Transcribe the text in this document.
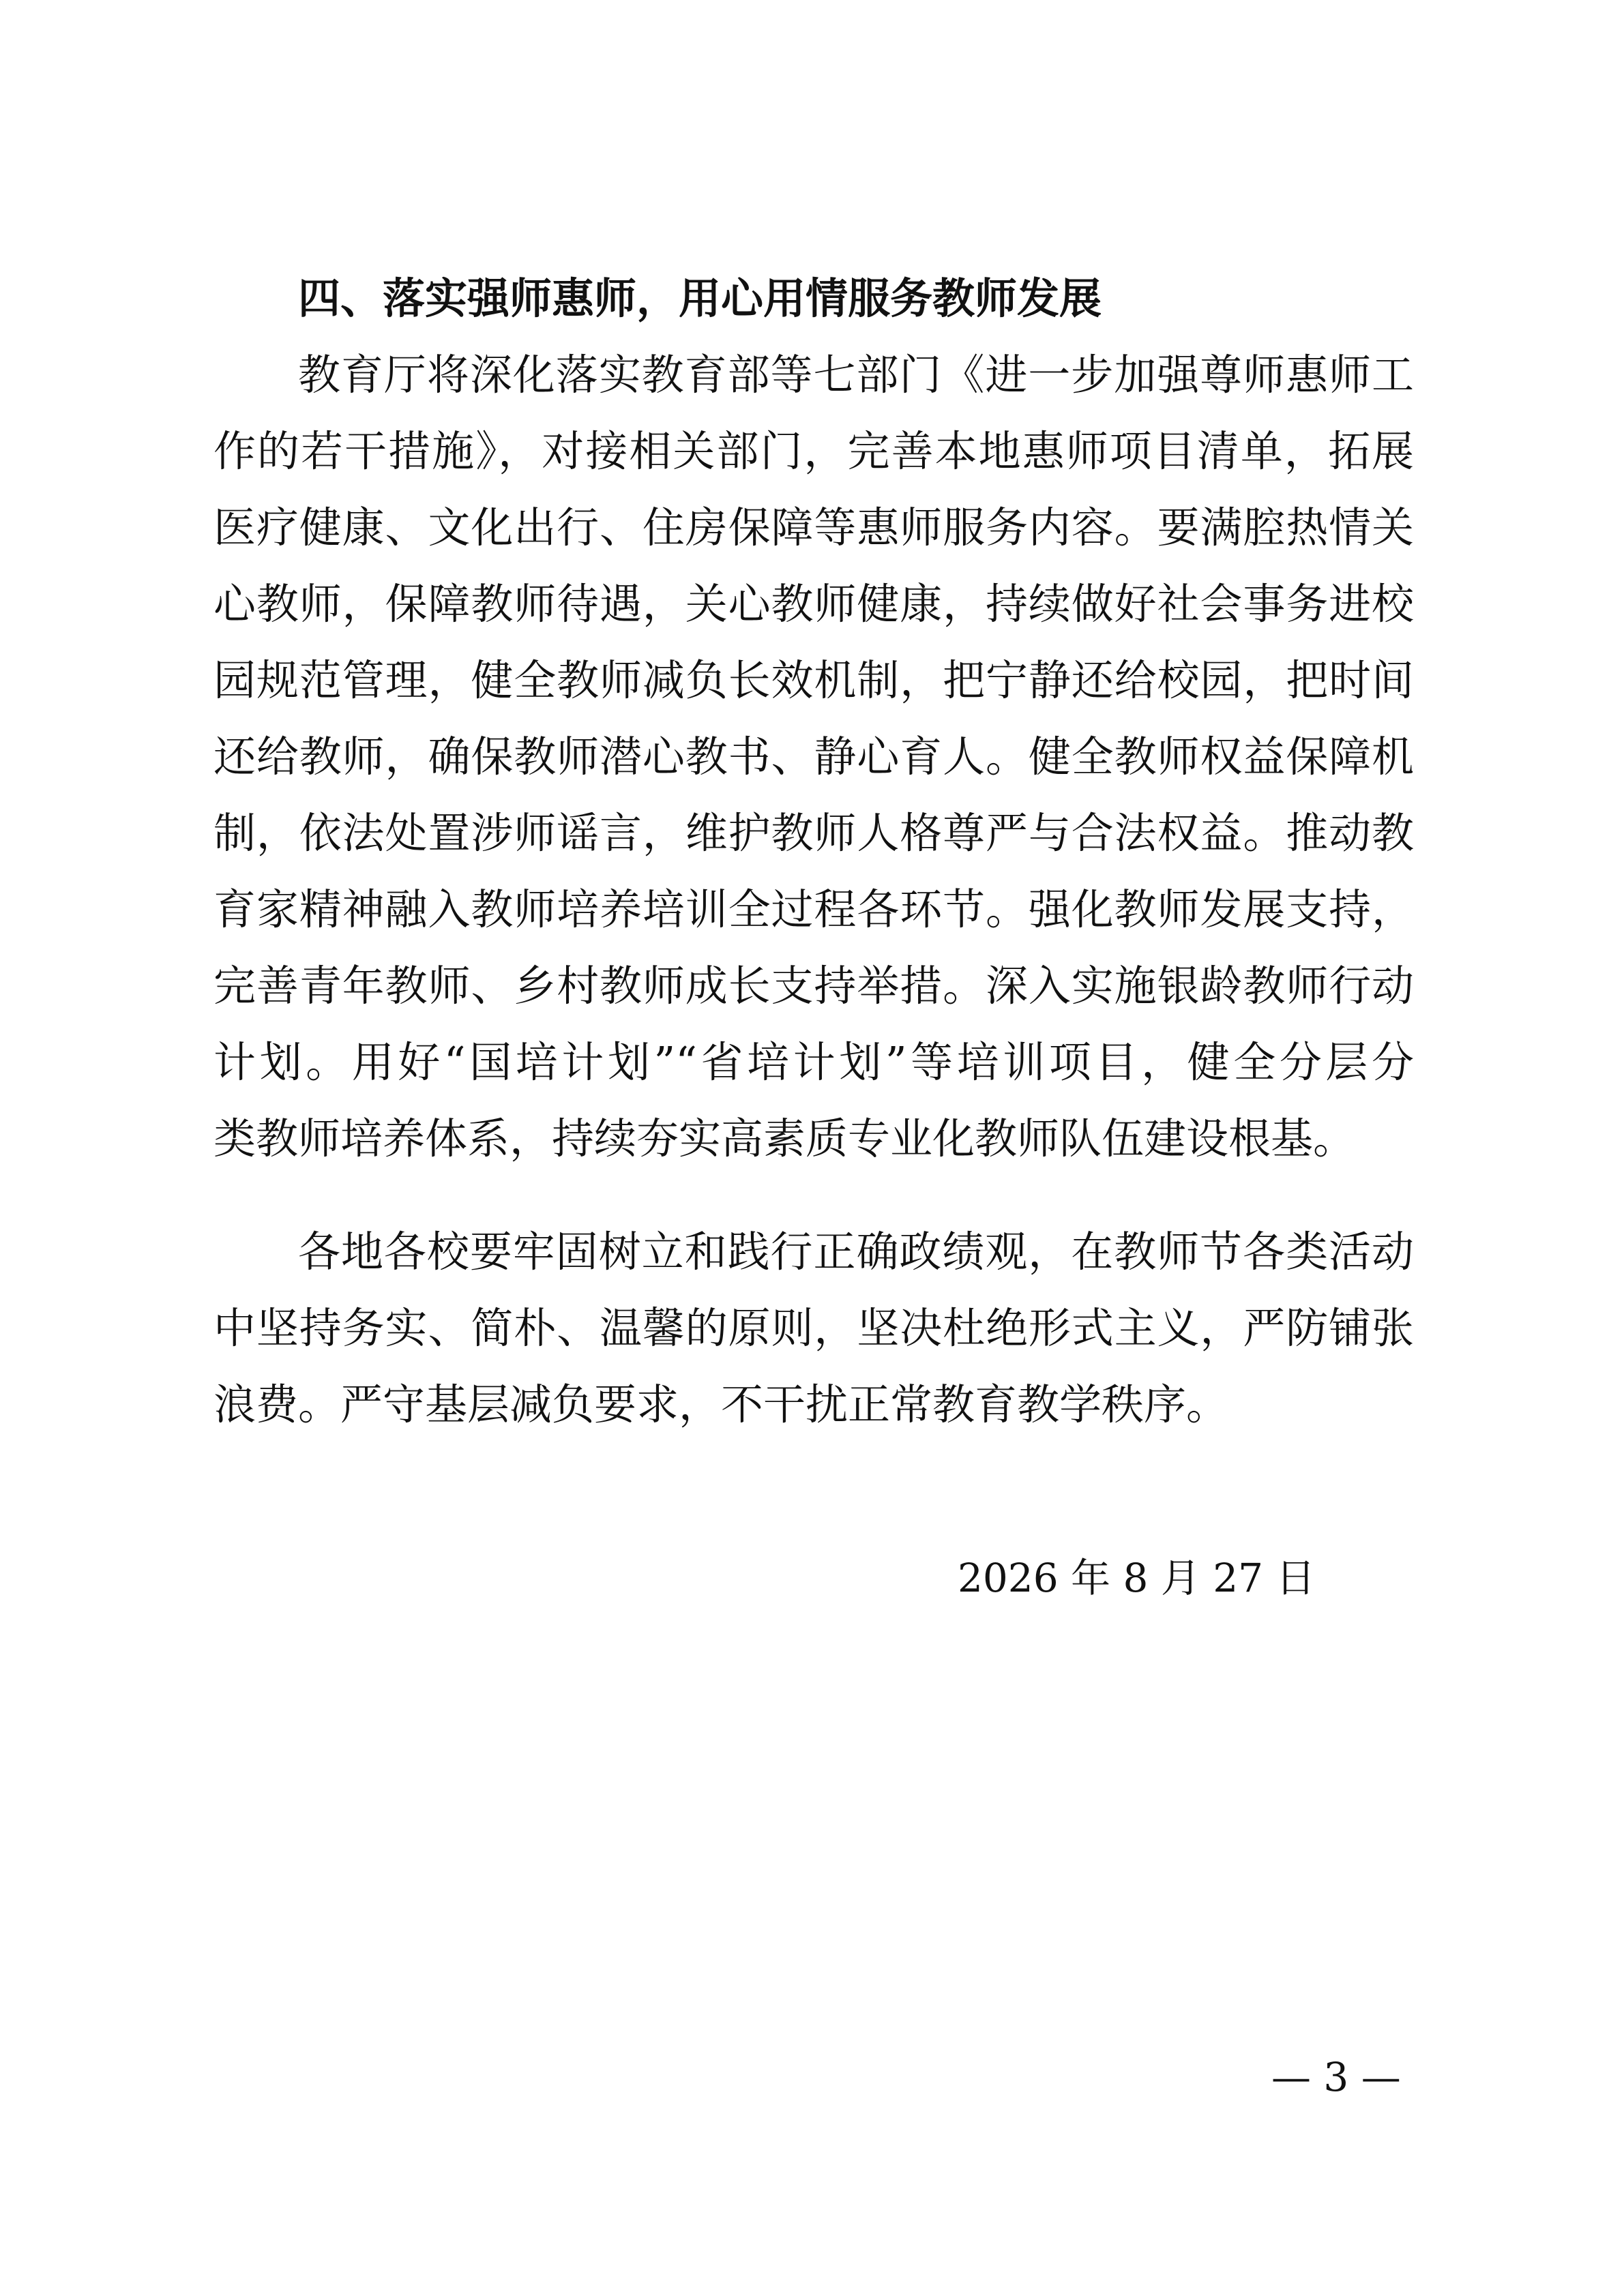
四、落实强师惠师，用心用情服务教师发展
教育厅将深化落实教育部等七部门《进一步加强尊师惠师工
作的若干措施》，对接相关部门，完善本地惠师项目清单，拓展
医疗健康、文化出行、住房保障等惠师服务内容。要满腔热情关
心教师，保障教师待遇，关心教师健康，持续做好社会事务进校
园规范管理，健全教师减负长效机制，把宁静还给校园，把时间
还给教师，确保教师潜心教书、静心育人。健全教师权益保障机
制，依法处置涉师谣言，维护教师人格尊严与合法权益。推动教
育家精神融入教师培养培训全过程各环节。强化教师发展支持，
完善青年教师、乡村教师成长支持举措。深入实施银龄教师行动
计划。用好“国培计划”“省培计划”等培训项目，健全分层分
类教师培养体系，持续夯实高素质专业化教师队伍建设根基。
各地各校要牢固树立和践行正确政绩观，在教师节各类活动
中坚持务实、简朴、温馨的原则，坚决杜绝形式主义，严防铺张
浪费。严守基层减负要求，不干扰正常教育教学秩序。
2026 年 8 月 27 日
— 3 —
